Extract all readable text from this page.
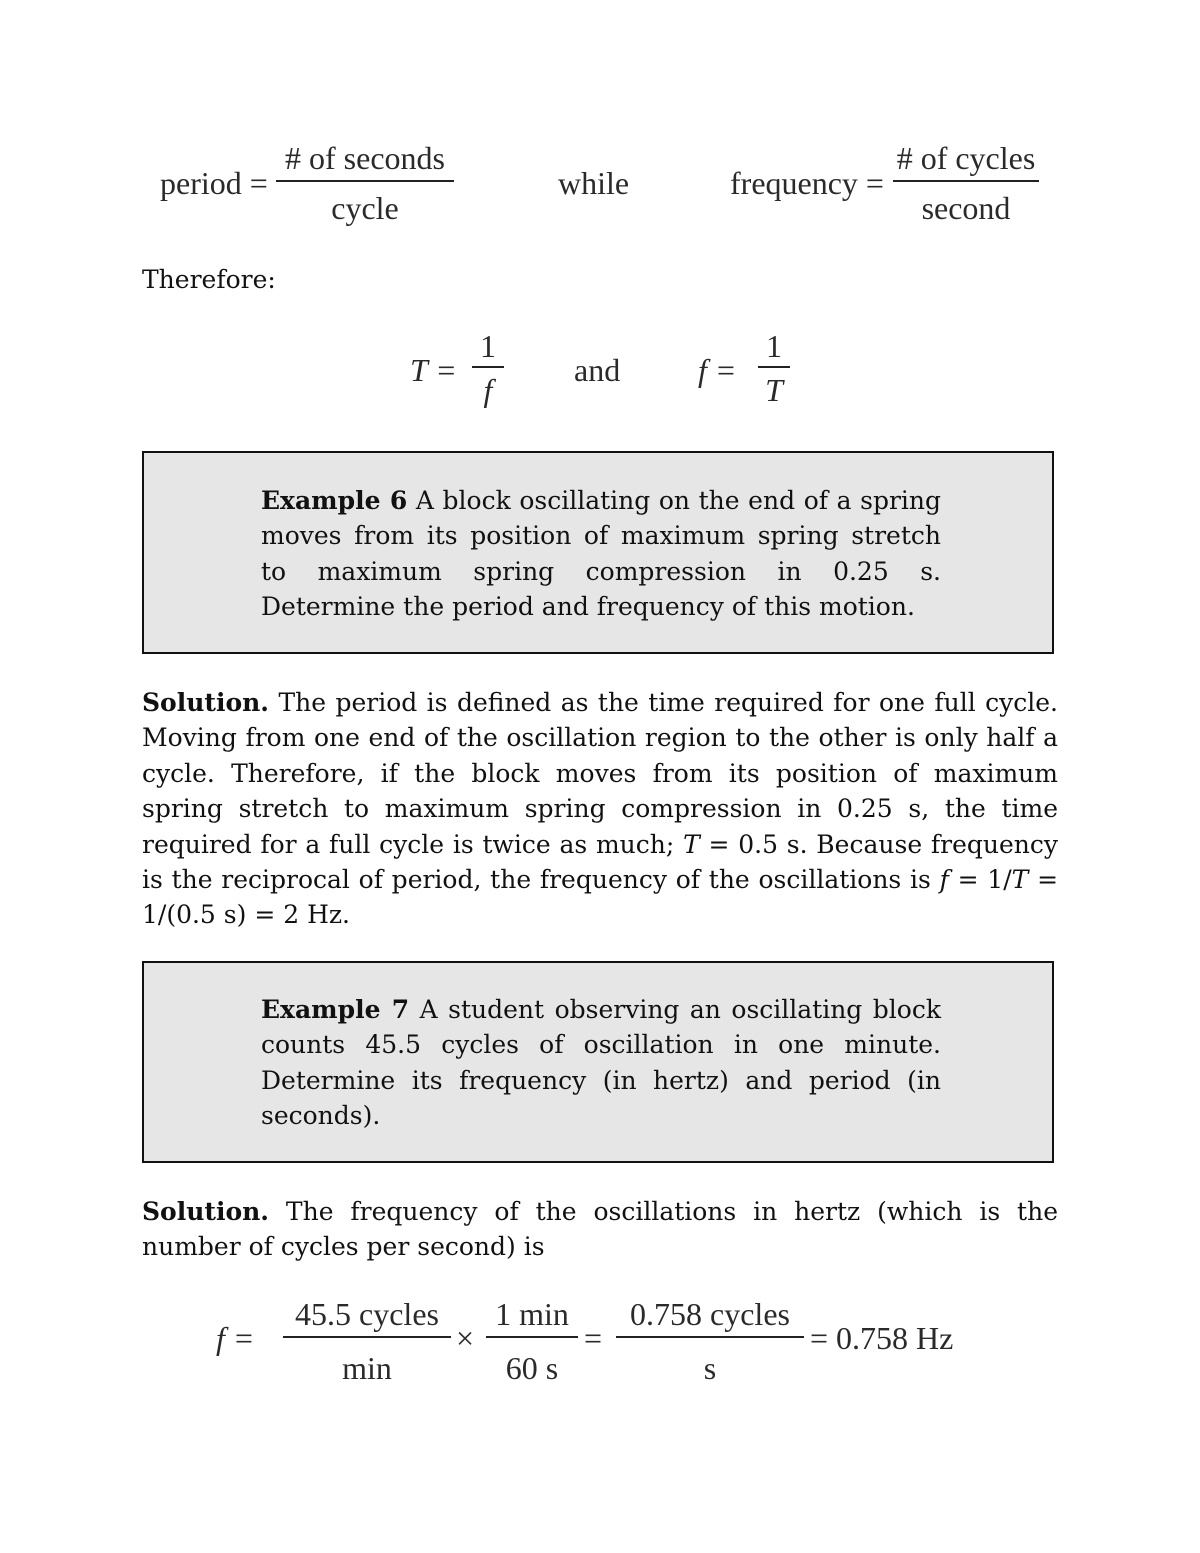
period =
# of seconds
cycle
while	frequency =
# of cycles
second
Therefore:
T =
1
f
and f =
1
T
Example 6 A block oscillating on the end of a spring moves from its position of maximum spring stretch to maximum spring compression in 0.25 s. Determine the period and frequency of this motion.
Solution. The period is defined as the time required for one full cycle. Moving from one end of the oscillation region to the other is only half a cycle. Therefore, if the block moves from its position of maximum spring stretch to maximum spring compression in 0.25 s, the time required for a full cycle is twice as much; T = 0.5 s. Because frequency is the reciprocal of period, the frequency of the oscillations is f = 1/T = 1/(0.5 s) = 2 Hz.
Example 7 A student observing an oscillating block counts 45.5 cycles of oscillation in one minute. Determine its frequency (in hertz) and period (in seconds).
Solution. The frequency of the oscillations in hertz (which is the number of cycles per second) is
f =
45.5 cycles
min
×
1 min
60 s
=
0.758 cycles
s
= 0.758 Hz
